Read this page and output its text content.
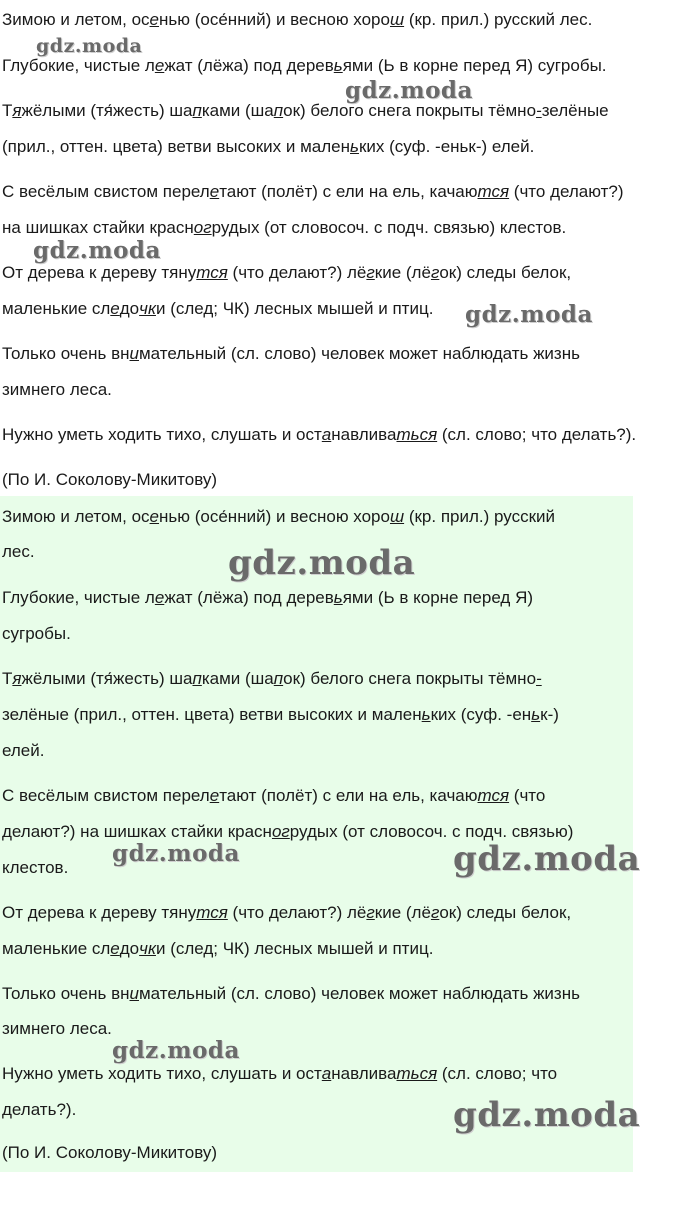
Зимою и летом, осенью (осе́нний) и весною хорош (кр. прил.) русский лес.
Глубокие, чистые лежат (лёжа) под деревьями (Ь в корне перед Я) сугробы.
Тяжёлыми (тя́жесть) шапками (шапок) белого снега покрыты тёмно-зелёные
(прил., оттен. цвета) ветви высоких и маленьких (суф. -еньк-) елей.
С весёлым свистом перелетают (полёт) с ели на ель, качаются (что делают?)
на шишках стайки красногрудых (от словосоч. с подч. связью) клестов.
От дерева к дереву тянутся (что делают?) лёгкие (лёгок) следы белок,
маленькие следочки (след; ЧК) лесных мышей и птиц.
Только очень внимательный (сл. слово) человек может наблюдать жизнь
зимнего леса.
Нужно уметь ходить тихо, слушать и останавливаться (сл. слово; что делать?).
(По И. Соколову-Микитову)
Зимою и летом, осенью (осе́нний) и весною хорош (кр. прил.) русский
лес.
Глубокие, чистые лежат (лёжа) под деревьями (Ь в корне перед Я)
сугробы.
Тяжёлыми (тя́жесть) шапками (шапок) белого снега покрыты тёмно-
зелёные (прил., оттен. цвета) ветви высоких и маленьких (суф. -еньк-)
елей.
С весёлым свистом перелетают (полёт) с ели на ель, качаются (что
делают?) на шишках стайки красногрудых (от словосоч. с подч. связью)
клестов.
От дерева к дереву тянутся (что делают?) лёгкие (лёгок) следы белок,
маленькие следочки (след; ЧК) лесных мышей и птиц.
Только очень внимательный (сл. слово) человек может наблюдать жизнь
зимнего леса.
Нужно уметь ходить тихо, слушать и останавливаться (сл. слово; что
делать?).
(По И. Соколову-Микитову)
gdz.moda
gdz.moda
gdz.moda
gdz.moda
gdz.moda
gdz.moda	gdz.moda
gdz.moda
gdz.moda
